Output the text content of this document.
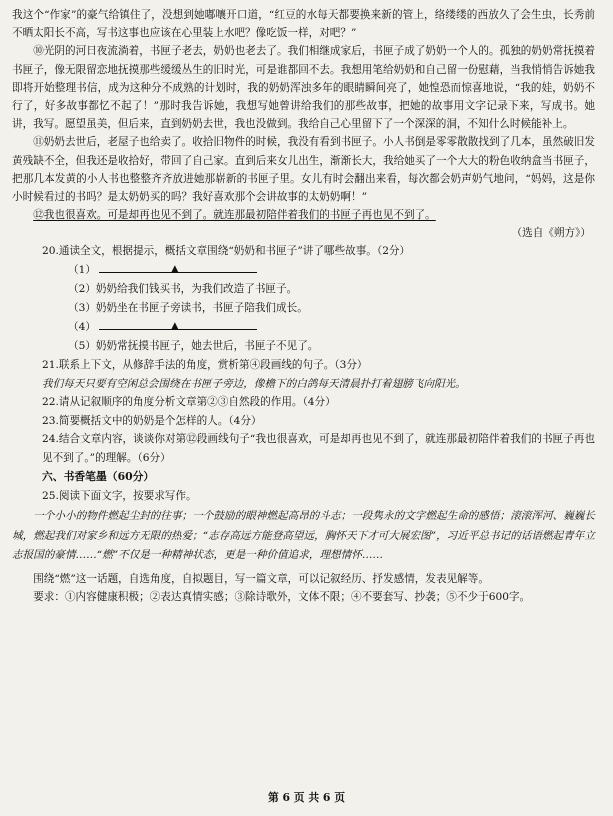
我这个“作家”的豪气给镇住了，没想到她嘟嚷开口道，“红豆的水每天都要换来新的管上，络缕缕的西放久了会生虫，长秀前不晒太阳长不高，写书这事也应该在心里装上水吧？像吃饭一样，对吧？”

⑩光阴的河日夜流淌着，书匣子老去，奶奶也老去了。我们相继成家后，书匣子成了奶奶一个人的。孤独的奶奶常抚摸着书匣子，像无限留恋地抚摸那些缓缓丛生的旧时光，可是谁都回不去。我想用笔给奶奶和自己留一份慰藉，当我悄悄告诉她我即将开始整理书信，成为这种分不成熟的计划时，我的奶奶浑浊多年的眼睛瞬间亮了，她惶恐而惊喜地说，“我的娃，奶奶不行了，好多故事都忆不起了！”那时我告诉她，我想写她曾讲给我们的那些故事，把她的故事用文字记录下来，写成书。她讲，我写。愿望虽美，但后来，直到奶奶去世，我也没做到。我给自己心里留下了一个深深的洞，不知什么时候能补上。

⑪奶奶去世后，老屋子也给卖了。收拾旧物件的时候，我没有看到书匣子。小人书倒是零零散散找到了几本，虽然破旧发黄残缺不全，但我还是收拾好，带回了自己家。直到后来女儿出生，渐渐长大，我给她买了一个大大的粉色收纳盒当书匣子，把那几本发黄的小人书也整整齐齐放进她那崭新的书匣子里。女儿有时会翻出来看，每次都会奶声奶气地问，“妈妈，这是你小时候看过的书吗？是太奶奶买的吗？我好喜欢那个会讲故事的太奶奶啊！”

⑫我也很喜欢。可是却再也见不到了。就连那最初陪伴着我们的书匣子再也见不到了。

（选自《朔方》）

20.通读全文，根据提示，概括文章围绕“奶奶和书匣子”讲了哪些故事。（2分）

（1）	▲

（2）奶奶给我们钱买书，为我们改造了书匣子。

（3）奶奶坐在书匣子旁读书，书匣子陪我们成长。

（4）	▲

（5）奶奶常抚摸书匣子，她去世后，书匣子不见了。

21.联系上下文，从修辞手法的角度，赏析第④段画线的句子。（3分）

我们每天只要有空闲总会围绕在书匣子旁边，像檐下的白鸽每天清晨扑打着翅膀飞向阳光。

22.请从记叙顺序的角度分析文章第②③自然段的作用。（4分）

23.简要概括文中的奶奶是个怎样的人。（4分）

24.结合文章内容，谈谈你对第⑫段画线句子“我也很喜欢，可是却再也见不到了，就连那最初陪伴着我们的书匣子再也见不到了。”的理解。（6分）

六、书香笔墨（60分）

25.阅读下面文字，按要求写作。

一个小小的物件燃起尘封的往事；一个鼓励的眼神燃起高昂的斗志；一段隽永的文字燃起生命的感悟；滚滚浑河、巍巍长城，燃起我们对家乡和远方无限的热爱；“志存高远方能登高望远，胸怀天下才可大展宏图”，习近平总书记的话语燃起青年立志报国的豪情……“燃”不仅是一种精神状态，更是一种价值追求，理想情怀……

围绕“燃”这一话题，自选角度，自拟题目，写一篇文章，可以记叙经历、抒发感情，发表见解等。

要求：①内容健康积极；②表达真情实感；③除诗歌外，文体不限；④不要套写、抄袭；⑤不少于600字。

第 6 页 共 6 页
